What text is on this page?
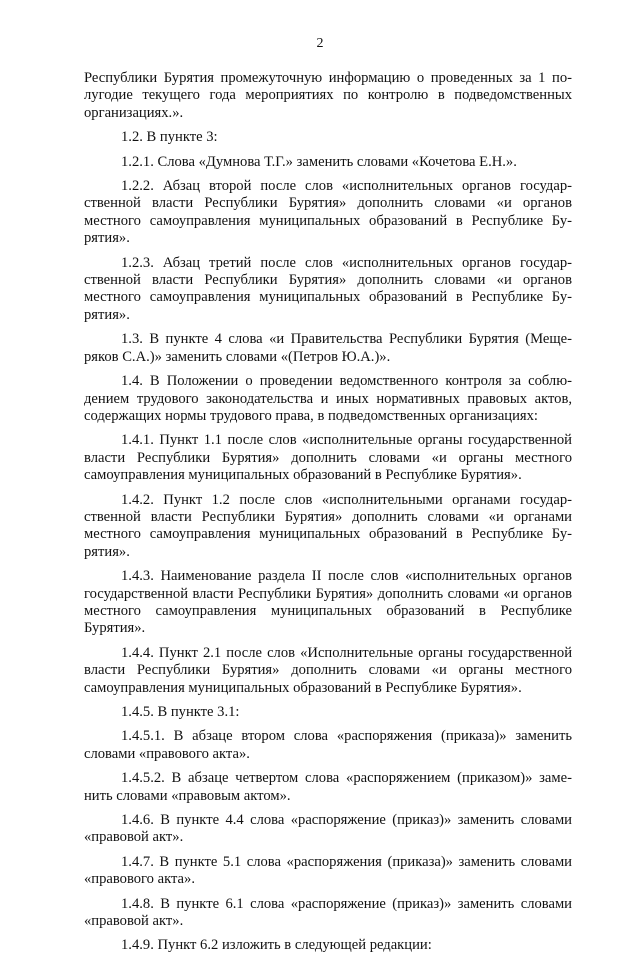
2

Республики Бурятия промежуточную информацию о проведенных за 1 полугодие текущего года мероприятиях по контролю в подведомственных организациях.».

1.2. В пункте 3:

1.2.1. Слова «Думнова Т.Г.» заменить словами «Кочетова Е.Н.».

1.2.2. Абзац второй после слов «исполнительных органов государственной власти Республики Бурятия» дополнить словами «и органов местного самоуправления муниципальных образований в Республике Бурятия».

1.2.3. Абзац третий после слов «исполнительных органов государственной власти Республики Бурятия» дополнить словами «и органов местного самоуправления муниципальных образований в Республике Бурятия».

1.3. В пункте 4 слова «и Правительства Республики Бурятия (Мещеряков С.А.)» заменить словами «(Петров Ю.А.)».

1.4. В Положении о проведении ведомственного контроля за соблюдением трудового законодательства и иных нормативных правовых актов, содержащих нормы трудового права, в подведомственных организациях:

1.4.1. Пункт 1.1 после слов «исполнительные органы государственной власти Республики Бурятия» дополнить словами «и органы местного самоуправления муниципальных образований в Республике Бурятия».

1.4.2. Пункт 1.2 после слов «исполнительными органами государственной власти Республики Бурятия» дополнить словами «и органами местного самоуправления муниципальных образований в Республике Бурятия».

1.4.3. Наименование раздела II после слов «исполнительных органов государственной власти Республики Бурятия» дополнить словами «и органов местного самоуправления муниципальных образований в Республике Бурятия».

1.4.4. Пункт 2.1 после слов «Исполнительные органы государственной власти Республики Бурятия» дополнить словами «и органы местного самоуправления муниципальных образований в Республике Бурятия».

1.4.5. В пункте 3.1:

1.4.5.1. В абзаце втором слова «распоряжения (приказа)» заменить словами «правового акта».

1.4.5.2. В абзаце четвертом слова «распоряжением (приказом)» заменить словами «правовым актом».

1.4.6. В пункте 4.4 слова «распоряжение (приказ)» заменить словами «правовой акт».

1.4.7. В пункте 5.1 слова «распоряжения (приказа)» заменить словами «правового акта».

1.4.8. В пункте 6.1 слова «распоряжение (приказ)» заменить словами «правовой акт».

1.4.9. Пункт 6.2 изложить в следующей редакции:
